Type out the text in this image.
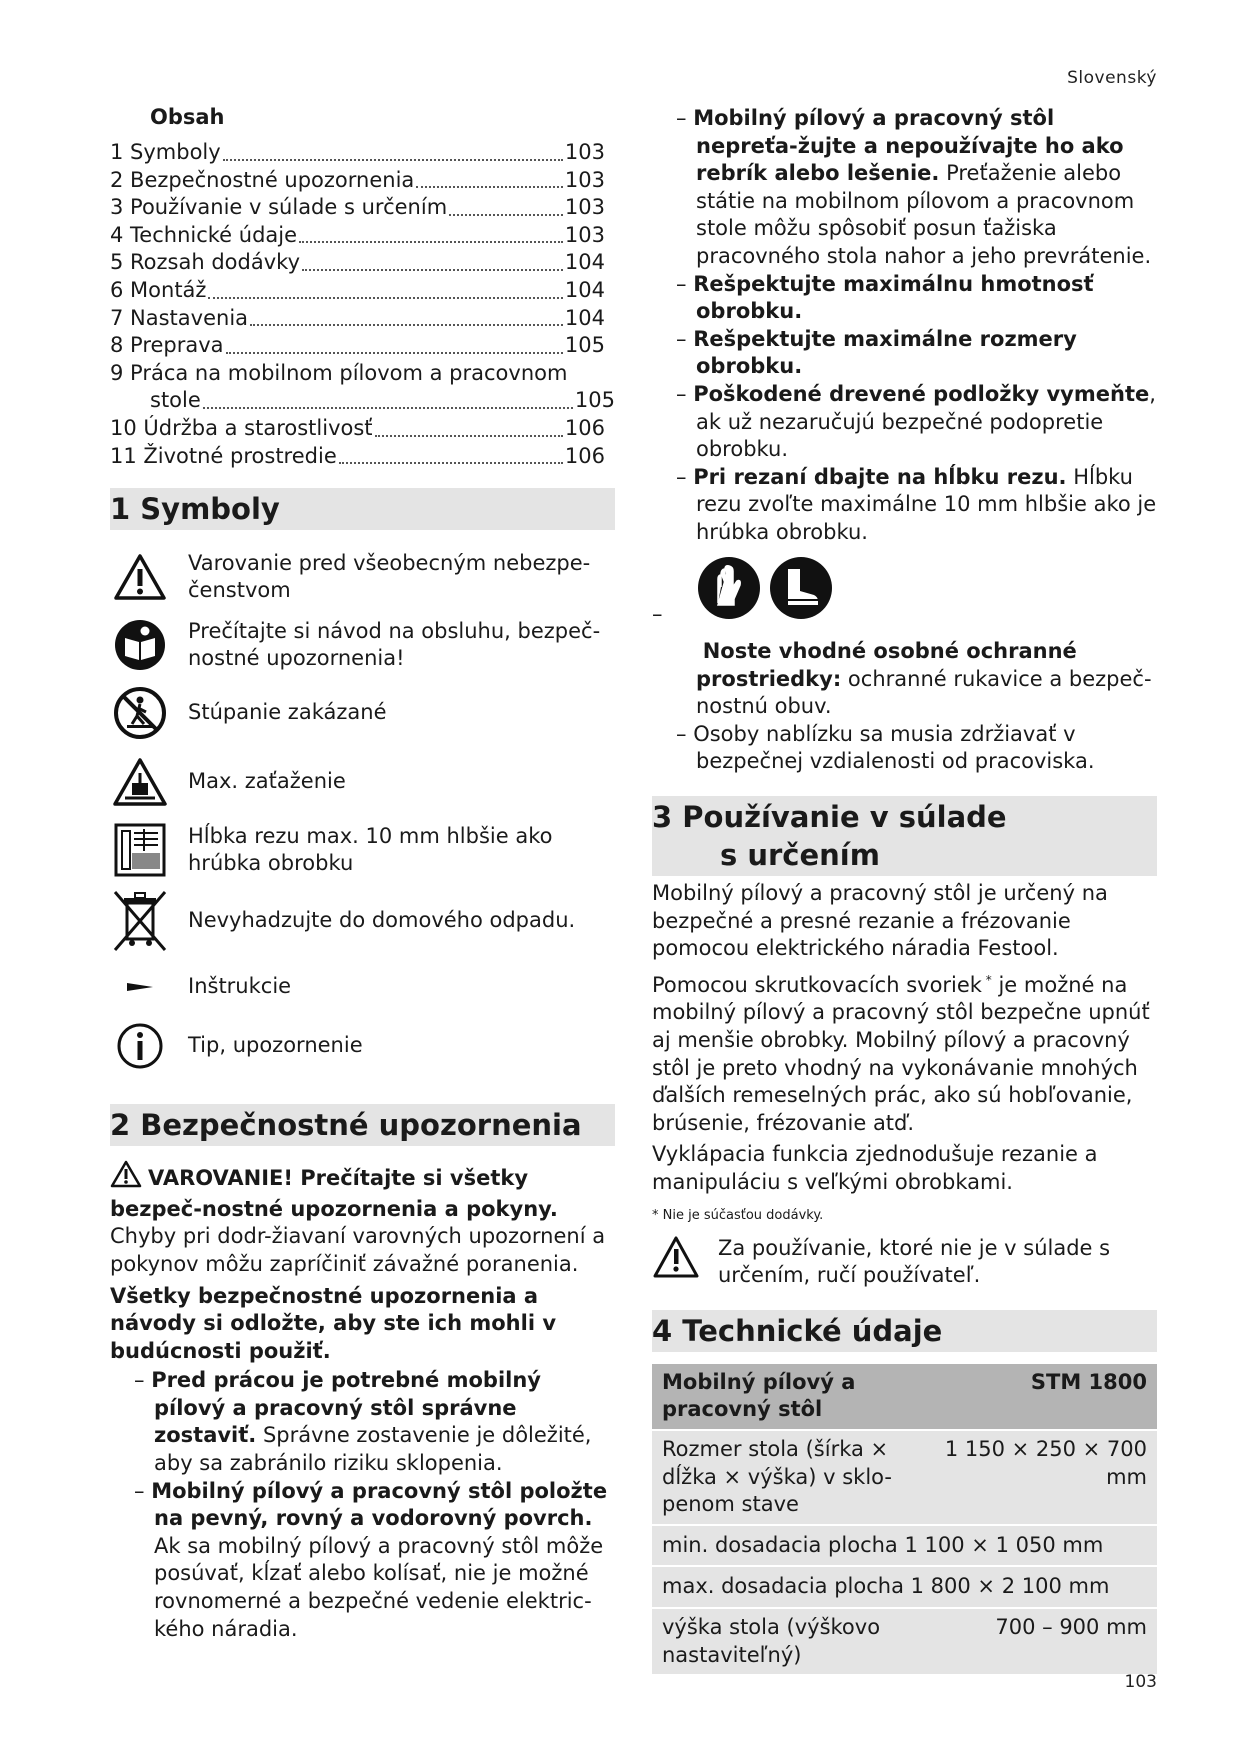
Slovenský
Obsah
1 Symboly	103
2 Bezpečnostné upozornenia	103
3 Používanie v súlade s určením	103
4 Technické údaje	103
5 Rozsah dodávky	104
6 Montáž	104
7 Nastavenia	104
8 Preprava	105
9 Práca na mobilnom pílovom a pracovnom
stole	105
10 Údržba a starostlivosť	106
11 Životné prostredie	106
1 Symboly
Varovanie pred všeobecným nebezpe-čenstvom
Prečítajte si návod na obsluhu, bezpeč-nostné upozornenia!
Stúpanie zakázané
Max. zaťaženie
Hĺbka rezu max. 10 mm hlbšie ako hrúbka obrobku
Nevyhadzujte do domového odpadu.
Inštrukcie
Tip, upozornenie
2 Bezpečnostné upozornenia

VAROVANIE! Prečítajte si všetky bezpeč-nostné upozornenia a pokyny. Chyby pri dodr-žiavaní varovných upozornení a pokynov môžu zapríčiniť závažné poranenia.

Všetky bezpečnostné upozornenia a návody si odložte, aby ste ich mohli v budúcnosti použiť.

– Pred prácou je potrebné mobilný pílový a pracovný stôl správne zostaviť. Správne zostavenie je dôležité, aby sa zabránilo riziku sklopenia.

– Mobilný pílový a pracovný stôl položte na pevný, rovný a vodorovný povrch. Ak sa mobilný pílový a pracovný stôl môže posúvať, kĺzať alebo kolísať, nie je možné rovnomerné a bezpečné vedenie elektric-kého náradia.

– Mobilný pílový a pracovný stôl nepreťa-žujte a nepoužívajte ho ako rebrík alebo lešenie. Preťaženie alebo státie na mobilnom pílovom a pracovnom stole môžu spôsobiť posun ťažiska pracovného stola nahor a jeho prevrátenie.

– Rešpektujte maximálnu hmotnosť obrobku.

– Rešpektujte maximálne rozmery obrobku.

– Poškodené drevené podložky vymeňte, ak už nezaručujú bezpečné podopretie obrobku.

– Pri rezaní dbajte na hĺbku rezu. Hĺbku rezu zvoľte maximálne 10 mm hlbšie ako je hrúbka obrobku.

–

Noste vhodné osobné ochranné prostriedky: ochranné rukavice a bezpeč-nostnú obuv.

– Osoby nablízku sa musia zdržiavať v bezpečnej vzdialenosti od pracoviska.

3 Používanie v súlade
s určením

Mobilný pílový a pracovný stôl je určený na bezpečné a presné rezanie a frézovanie pomocou elektrického náradia Festool.

Pomocou skrutkovacích svoriek * je možné na mobilný pílový a pracovný stôl bezpečne upnúť aj menšie obrobky. Mobilný pílový a pracovný stôl je preto vhodný na vykonávanie mnohých ďalších remeselných prác, ako sú hobľovanie, brúsenie, frézovanie atď.

Vyklápacia funkcia zjednodušuje rezanie a manipuláciu s veľkými obrobkami.

* Nie je súčasťou dodávky.

Za používanie, ktoré nie je v súlade s určením, ručí používateľ.
4 Technické údaje
Mobilný pílový a pracovný stôl	STM 1800
Rozmer stola (šírka × dĺžka × výška) v sklo-penom stave	1 150 × 250 × 700 mm
min. dosadacia plocha 1 100 × 1 050 mm	
max. dosadacia plocha 1 800 × 2 100 mm	
výška stola (výškovo nastaviteľný)	700 – 900 mm
103
